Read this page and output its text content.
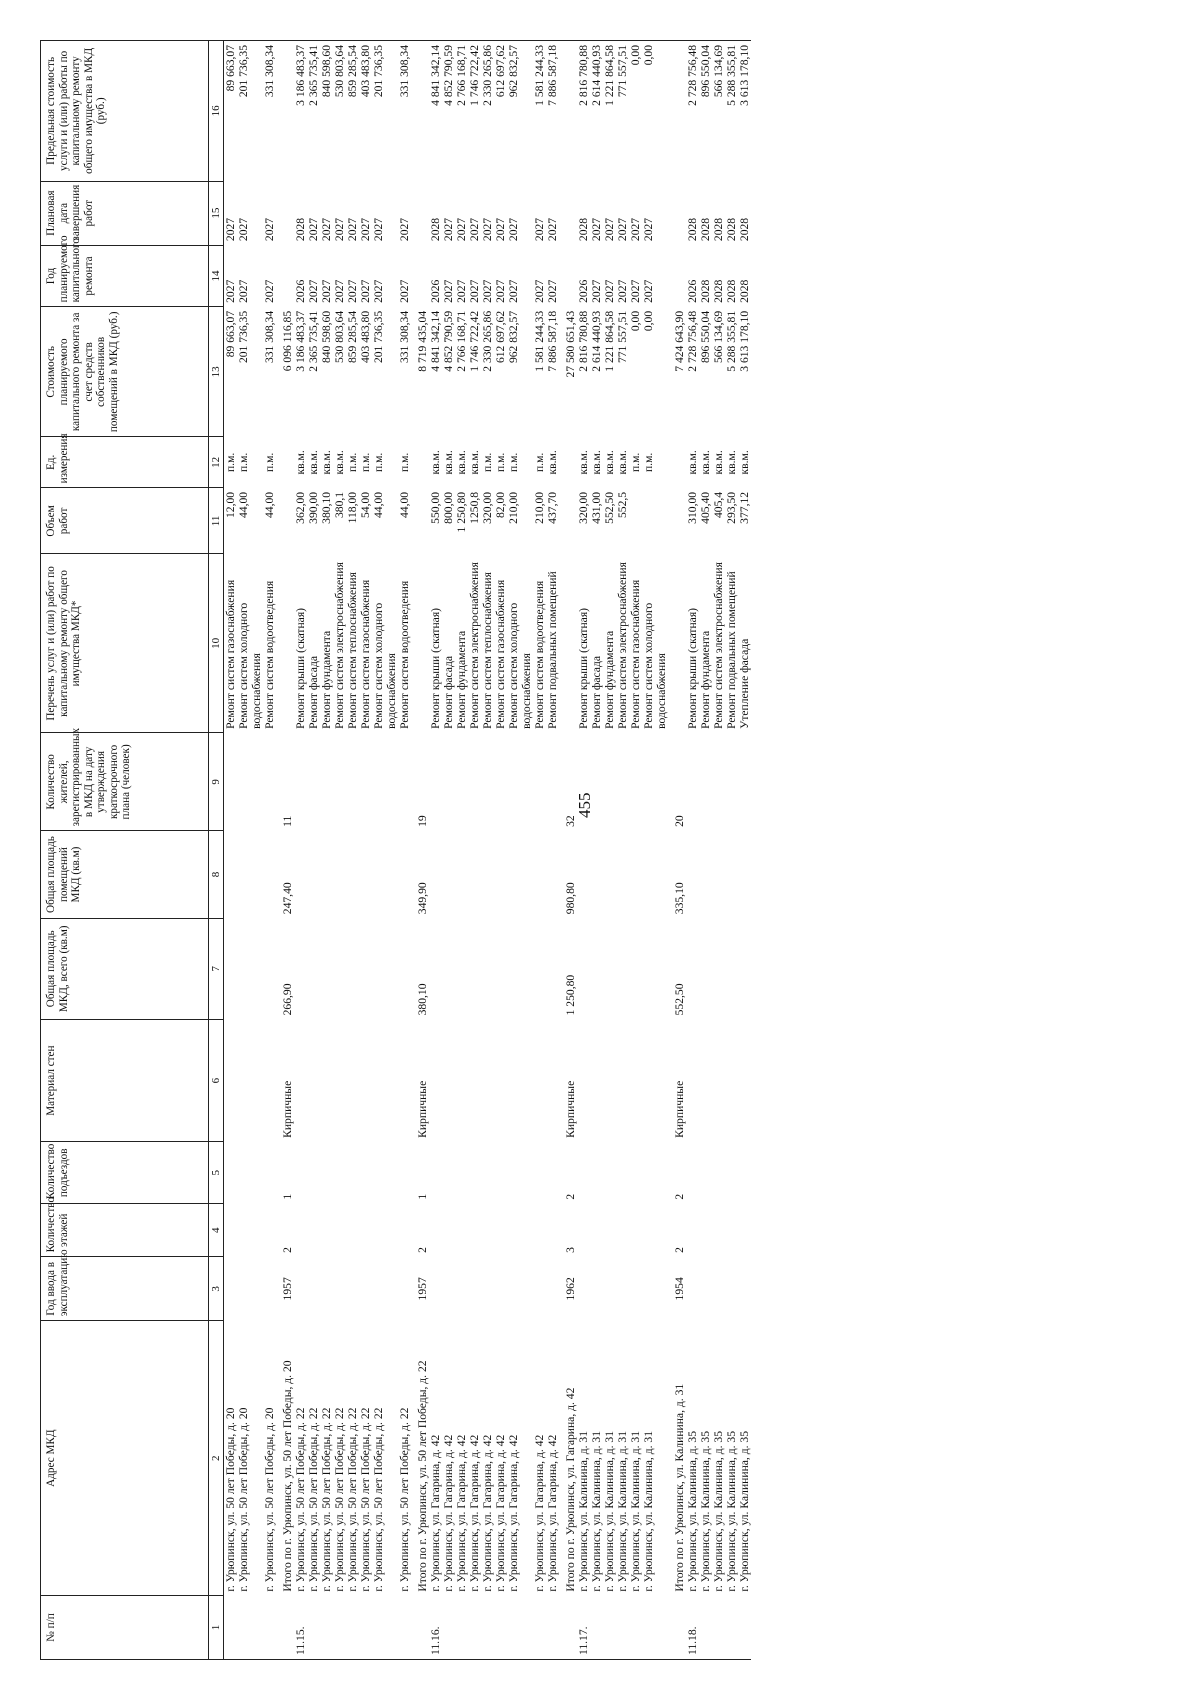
455
№ п/п	Адрес МКД	Год ввода в эксплуатацию	Количество этажей	Количество подъездов	Материал стен	Общая площадь МКД, всего (кв.м)	Общая площадь помещений МКД (кв.м)	Количество жителей, зарегистрированных в МКД на дату утверждения краткосрочного плана (человек)	Перечень услуг и (или) работ по капитальному ремонту общего имущества МКД*	Объем работ	Ед. измерения	Стоимость планируемого капитального ремонта за счет средств собственников помещений в МКД (руб.)	Год планируемого капитального ремонта	Плановая дата завершения работ	Предельная стоимость услуги и (или) работы по капитальному ремонту общего имущества в МКД (руб.)
1	2	3	4	5	6	7	8	9	10	11	12	13	14	15	16
	г. Урюпинск, ул. 50 лет Победы, д. 20								Ремонт систем газоснабжения	12,00	п.м.	89 663,07	2027	2027	89 663,07
	г. Урюпинск, ул. 50 лет Победы, д. 20								Ремонт систем холодного водоснабжения	44,00	п.м.	201 736,35	2027	2027	201 736,35
	г. Урюпинск, ул. 50 лет Победы, д. 20								Ремонт систем водоотведения	44,00	п.м.	331 308,34	2027	2027	331 308,34
	Итого по г. Урюпинск, ул. 50 лет Победы, д. 20	1957	2	1	Кирпичные	266,90	247,40	11				6 096 116,85			
11.15.	г. Урюпинск, ул. 50 лет Победы, д. 22								Ремонт крыши (скатная)	362,00	кв.м.	3 186 483,37	2026	2028	3 186 483,37
	г. Урюпинск, ул. 50 лет Победы, д. 22								Ремонт фасада	390,00	кв.м.	2 365 735,41	2027	2027	2 365 735,41
	г. Урюпинск, ул. 50 лет Победы, д. 22								Ремонт фундамента	380,10	кв.м.	840 598,60	2027	2027	840 598,60
	г. Урюпинск, ул. 50 лет Победы, д. 22								Ремонт систем электроснабжения	380,1	кв.м.	530 803,64	2027	2027	530 803,64
	г. Урюпинск, ул. 50 лет Победы, д. 22								Ремонт систем теплоснабжения	118,00	п.м.	859 285,54	2027	2027	859 285,54
	г. Урюпинск, ул. 50 лет Победы, д. 22								Ремонт систем газоснабжения	54,00	п.м.	403 483,80	2027	2027	403 483,80
	г. Урюпинск, ул. 50 лет Победы, д. 22								Ремонт систем холодного водоснабжения	44,00	п.м.	201 736,35	2027	2027	201 736,35
	г. Урюпинск, ул. 50 лет Победы, д. 22								Ремонт систем водоотведения	44,00	п.м.	331 308,34	2027	2027	331 308,34
	Итого по г. Урюпинск, ул. 50 лет Победы, д. 22	1957	2	1	Кирпичные	380,10	349,90	19				8 719 435,04			
11.16.	г. Урюпинск, ул. Гагарина, д. 42								Ремонт крыши (скатная)	550,00	кв.м.	4 841 342,14	2026	2028	4 841 342,14
	г. Урюпинск, ул. Гагарина, д. 42								Ремонт фасада	800,00	кв.м.	4 852 790,59	2027	2027	4 852 790,59
	г. Урюпинск, ул. Гагарина, д. 42								Ремонт фундамента	1 250,80	кв.м.	2 766 168,71	2027	2027	2 766 168,71
	г. Урюпинск, ул. Гагарина, д. 42								Ремонт систем электроснабжения	1250,8	кв.м.	1 746 722,42	2027	2027	1 746 722,42
	г. Урюпинск, ул. Гагарина, д. 42								Ремонт систем теплоснабжения	320,00	п.м.	2 330 265,86	2027	2027	2 330 265,86
	г. Урюпинск, ул. Гагарина, д. 42								Ремонт систем газоснабжения	82,00	п.м.	612 697,62	2027	2027	612 697,62
	г. Урюпинск, ул. Гагарина, д. 42								Ремонт систем холодного водоснабжения	210,00	п.м.	962 832,57	2027	2027	962 832,57
	г. Урюпинск, ул. Гагарина, д. 42								Ремонт систем водоотведения	210,00	п.м.	1 581 244,33	2027	2027	1 581 244,33
	г. Урюпинск, ул. Гагарина, д. 42								Ремонт подвальных помещений	437,70	кв.м.	7 886 587,18	2027	2027	7 886 587,18
	Итого по г. Урюпинск, ул. Гагарина, д. 42	1962	3	2	Кирпичные	1 250,80	980,80	32				27 580 651,43			
11.17.	г. Урюпинск, ул. Калинина, д. 31								Ремонт крыши (скатная)	320,00	кв.м.	2 816 780,88	2026	2028	2 816 780,88
	г. Урюпинск, ул. Калинина, д. 31								Ремонт фасада	431,00	кв.м.	2 614 440,93	2027	2027	2 614 440,93
	г. Урюпинск, ул. Калинина, д. 31								Ремонт фундамента	552,50	кв.м.	1 221 864,58	2027	2027	1 221 864,58
	г. Урюпинск, ул. Калинина, д. 31								Ремонт систем электроснабжения	552,5	кв.м.	771 557,51	2027	2027	771 557,51
	г. Урюпинск, ул. Калинина, д. 31								Ремонт систем газоснабжения		п.м.	0,00	2027	2027	0,00
	г. Урюпинск, ул. Калинина, д. 31								Ремонт систем холодного водоснабжения		п.м.	0,00	2027	2027	0,00
	Итого по г. Урюпинск, ул. Калинина, д. 31	1954	2	2	Кирпичные	552,50	335,10	20				7 424 643,90			
11.18.	г. Урюпинск, ул. Калинина, д. 35								Ремонт крыши (скатная)	310,00	кв.м.	2 728 756,48	2026	2028	2 728 756,48
	г. Урюпинск, ул. Калинина, д. 35								Ремонт фундамента	405,40	кв.м.	896 550,04	2028	2028	896 550,04
	г. Урюпинск, ул. Калинина, д. 35								Ремонт систем электроснабжения	405,4	кв.м.	566 134,69	2028	2028	566 134,69
	г. Урюпинск, ул. Калинина, д. 35								Ремонт подвальных помещений	293,50	кв.м.	5 288 355,81	2028	2028	5 288 355,81
	г. Урюпинск, ул. Калинина, д. 35								Утепление фасада	377,12	кв.м.	3 613 178,10	2028	2028	3 613 178,10
